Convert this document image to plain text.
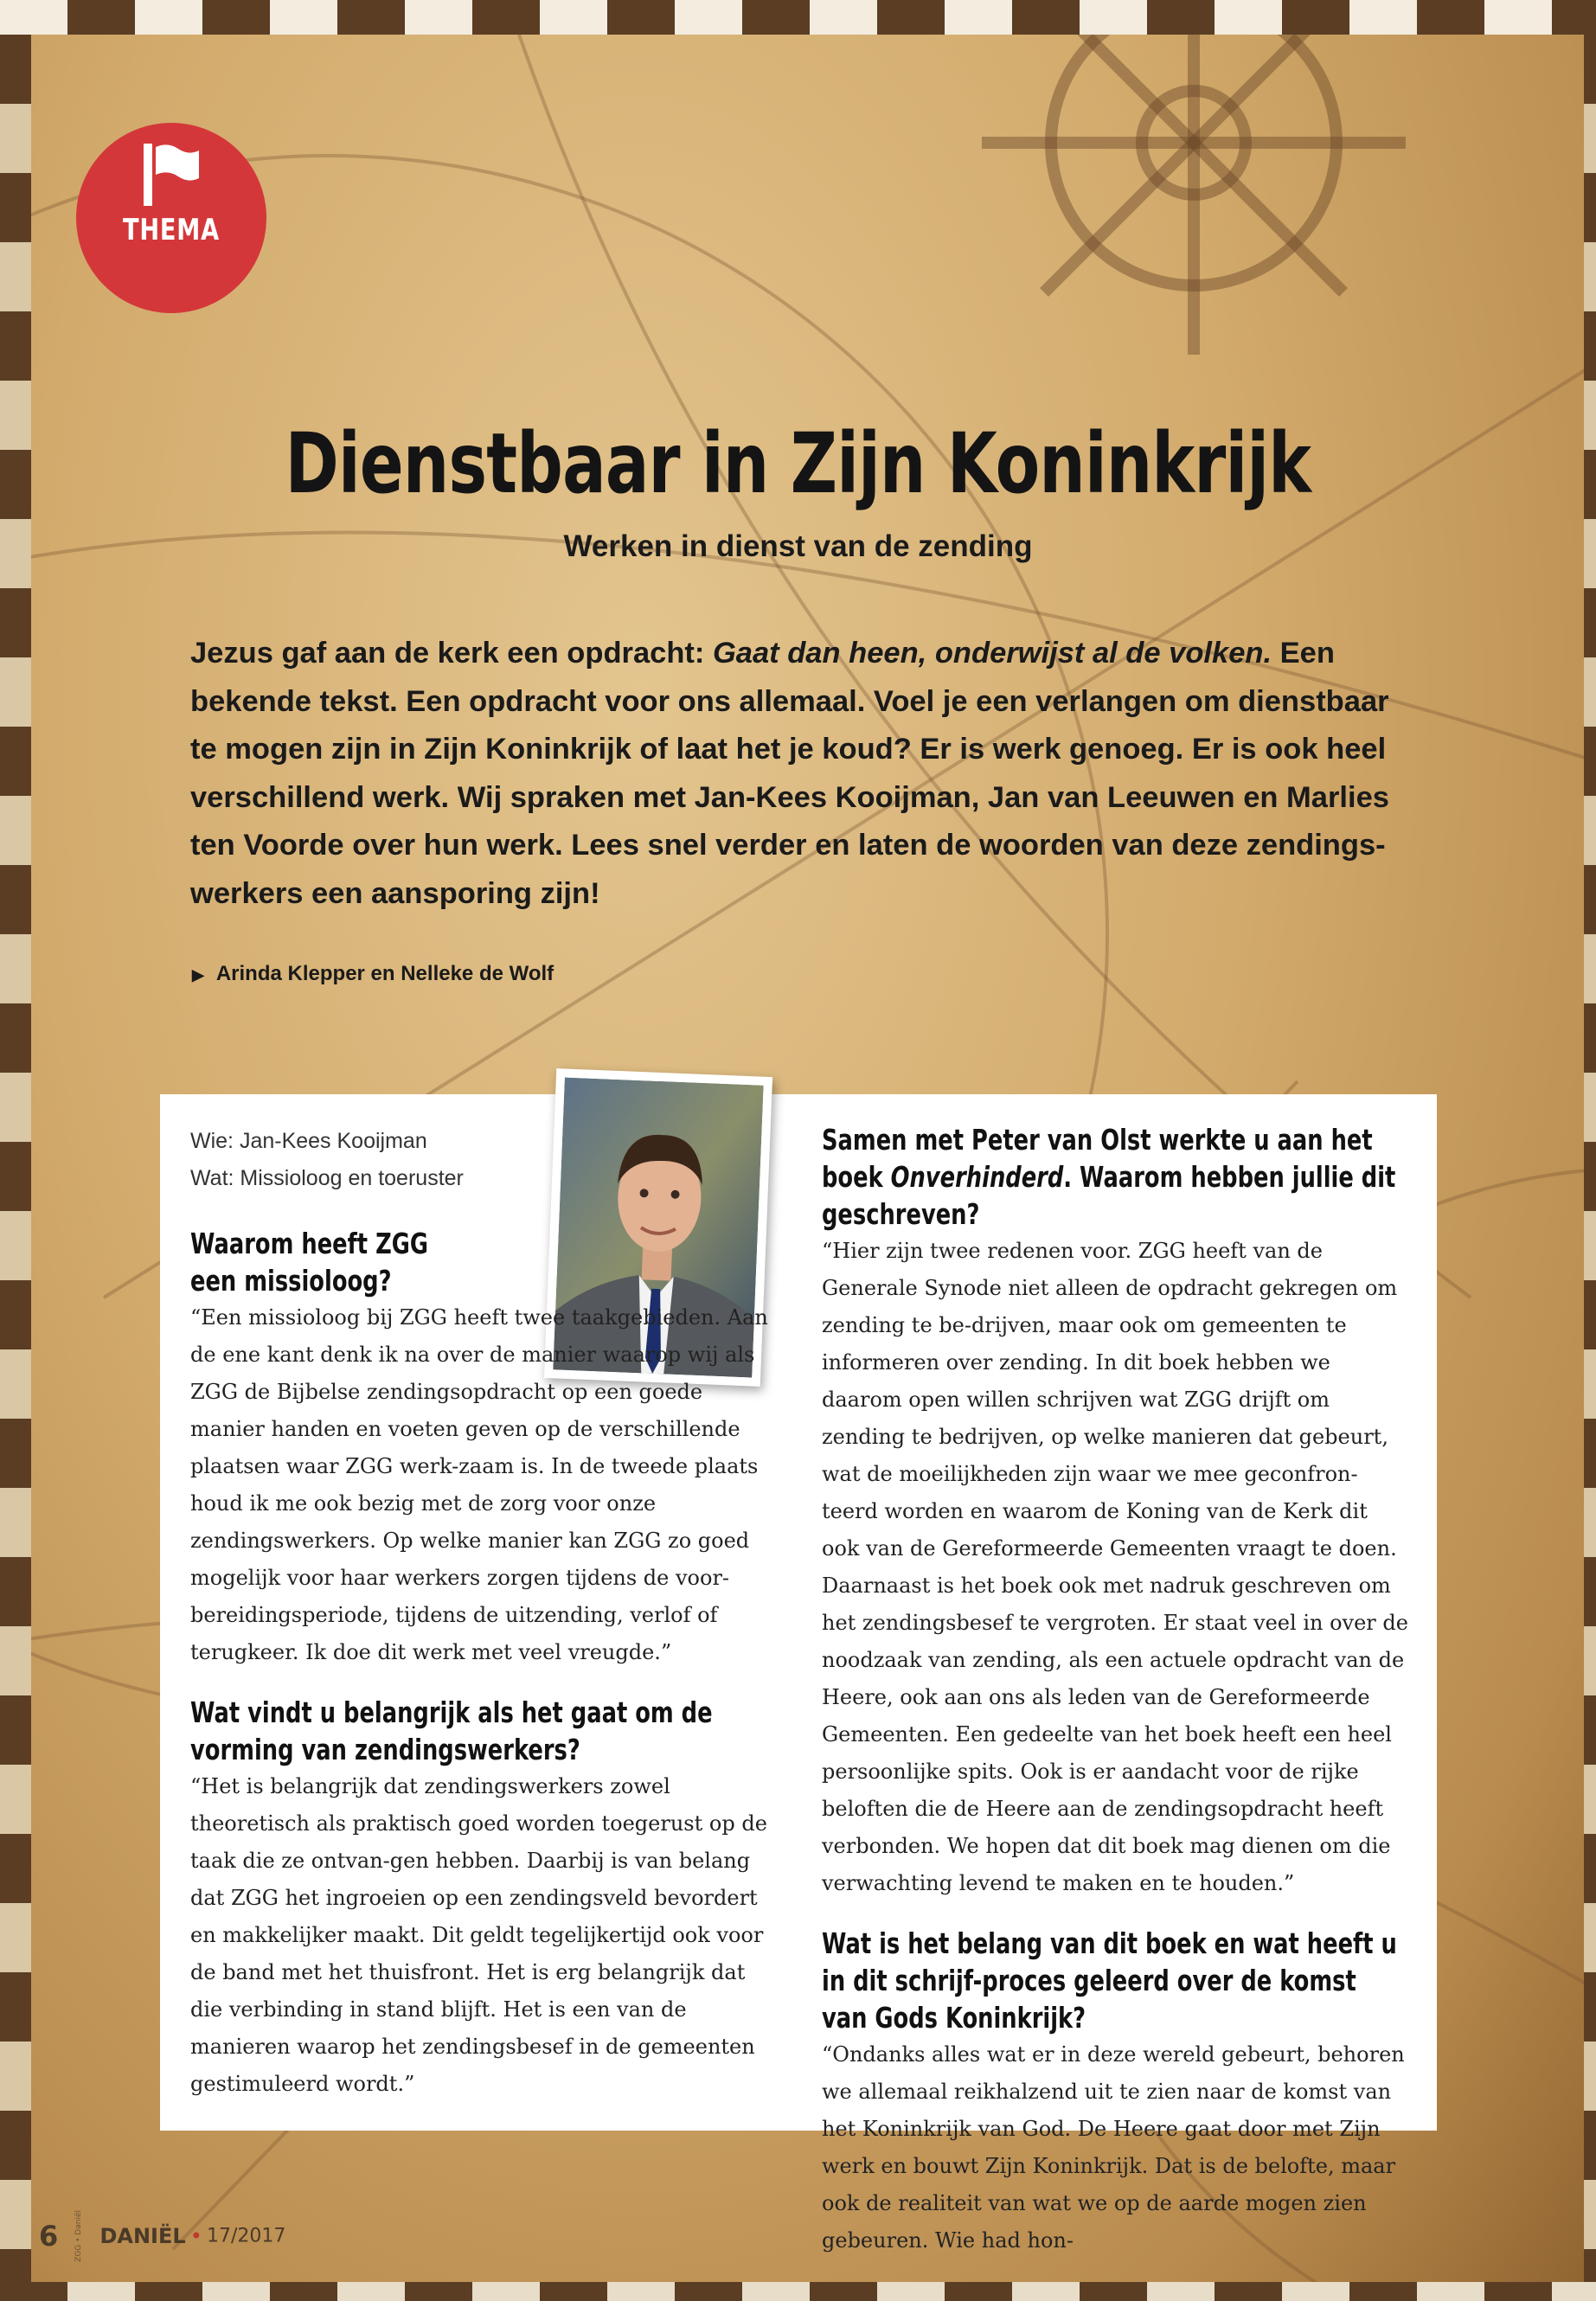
THEMA
Dienstbaar in Zijn Koninkrijk
Werken in dienst van de zending
Jezus gaf aan de kerk een opdracht: Gaat dan heen, onderwijst al de volken. Een bekende tekst. Een opdracht voor ons allemaal. Voel je een verlangen om dienstbaar te mogen zijn in Zijn Koninkrijk of laat het je koud? Er is werk genoeg. Er is ook heel verschillend werk. Wij spraken met Jan-Kees Kooijman, Jan van Leeuwen en Marlies ten Voorde over hun werk. Lees snel verder en laten de woorden van deze zendings-werkers een aansporing zijn!
▶ Arinda Klepper en Nelleke de Wolf
Wie: Jan-Kees Kooijman
Wat: Missioloog en toeruster
Waarom heeft ZGG een missioloog?

“Een missioloog bij ZGG heeft twee taakgebieden. Aan de ene kant denk ik na over de manier waarop wij als ZGG de Bijbelse zendingsopdracht op een goede manier handen en voeten geven op de verschillende plaatsen waar ZGG werk-zaam is. In de tweede plaats houd ik me ook bezig met de zorg voor onze zendingswerkers. Op welke manier kan ZGG zo goed mogelijk voor haar werkers zorgen tijdens de voor-bereidingsperiode, tijdens de uitzending, verlof of terugkeer. Ik doe dit werk met veel vreugde.”

Wat vindt u belangrijk als het gaat om de vorming van zendingswerkers?

“Het is belangrijk dat zendingswerkers zowel theoretisch als praktisch goed worden toegerust op de taak die ze ontvan-gen hebben. Daarbij is van belang dat ZGG het ingroeien op een zendingsveld bevordert en makkelijker maakt. Dit geldt tegelijkertijd ook voor de band met het thuisfront. Het is erg belangrijk dat die verbinding in stand blijft. Het is een van de manieren waarop het zendingsbesef in de gemeenten gestimuleerd wordt.”

Samen met Peter van Olst werkte u aan het boek Onverhinderd. Waarom hebben jullie dit geschreven?

“Hier zijn twee redenen voor. ZGG heeft van de Generale Synode niet alleen de opdracht gekregen om zending te be-drijven, maar ook om gemeenten te informeren over zending. In dit boek hebben we daarom open willen schrijven wat ZGG drijft om zending te bedrijven, op welke manieren dat gebeurt, wat de moeilijkheden zijn waar we mee geconfron-teerd worden en waarom de Koning van de Kerk dit ook van de Gereformeerde Gemeenten vraagt te doen. Daarnaast is het boek ook met nadruk geschreven om het zendingsbesef te vergroten. Er staat veel in over de noodzaak van zending, als een actuele opdracht van de Heere, ook aan ons als leden van de Gereformeerde Gemeenten. Een gedeelte van het boek heeft een heel persoonlijke spits. Ook is er aandacht voor de rijke beloften die de Heere aan de zendingsopdracht heeft verbonden. We hopen dat dit boek mag dienen om die verwachting levend te maken en te houden.”

Wat is het belang van dit boek en wat heeft u in dit schrijf-proces geleerd over de komst van Gods Koninkrijk?

“Ondanks alles wat er in deze wereld gebeurt, behoren we allemaal reikhalzend uit te zien naar de komst van het Koninkrijk van God. De Heere gaat door met Zijn werk en bouwt Zijn Koninkrijk. Dat is de belofte, maar ook de realiteit van wat we op de aarde mogen zien gebeuren. Wie had hon-

6 ZGG • Daniël DANIËL • 17/2017
